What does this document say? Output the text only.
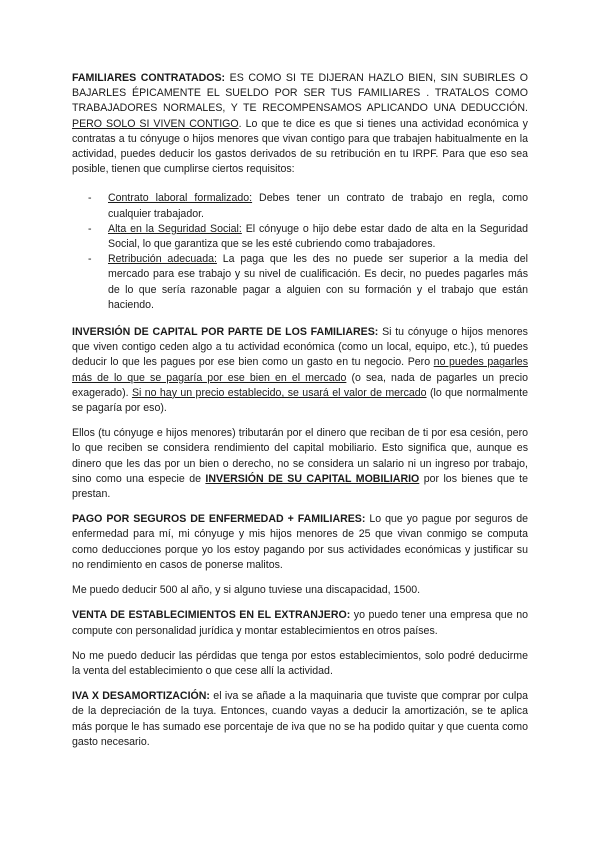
FAMILIARES CONTRATADOS: ES COMO SI TE DIJERAN HAZLO BIEN, SIN SUBIRLES O BAJARLES ÉPICAMENTE EL SUELDO POR SER TUS FAMILIARES . TRATALOS COMO TRABAJADORES NORMALES, Y TE RECOMPENSAMOS APLICANDO UNA DEDUCCIÓN. PERO SOLO SI VIVEN CONTIGO. Lo que te dice es que si tienes una actividad económica y contratas a tu cónyuge o hijos menores que vivan contigo para que trabajen habitualmente en la actividad, puedes deducir los gastos derivados de su retribución en tu IRPF. Para que eso sea posible, tienen que cumplirse ciertos requisitos:

- Contrato laboral formalizado: Debes tener un contrato de trabajo en regla, como cualquier trabajador.
- Alta en la Seguridad Social: El cónyuge o hijo debe estar dado de alta en la Seguridad Social, lo que garantiza que se les esté cubriendo como trabajadores.
- Retribución adecuada: La paga que les des no puede ser superior a la media del mercado para ese trabajo y su nivel de cualificación. Es decir, no puedes pagarles más de lo que sería razonable pagar a alguien con su formación y el trabajo que están haciendo.

INVERSIÓN DE CAPITAL POR PARTE DE LOS FAMILIARES: Si tu cónyuge o hijos menores que viven contigo ceden algo a tu actividad económica (como un local, equipo, etc.), tú puedes deducir lo que les pagues por ese bien como un gasto en tu negocio. Pero no puedes pagarles más de lo que se pagaría por ese bien en el mercado (o sea, nada de pagarles un precio exagerado). Si no hay un precio establecido, se usará el valor de mercado (lo que normalmente se pagaría por eso).

Ellos (tu cónyuge e hijos menores) tributarán por el dinero que reciban de ti por esa cesión, pero lo que reciben se considera rendimiento del capital mobiliario. Esto significa que, aunque es dinero que les das por un bien o derecho, no se considera un salario ni un ingreso por trabajo, sino como una especie de INVERSIÓN DE SU CAPITAL MOBILIARIO por los bienes que te prestan.

PAGO POR SEGUROS DE ENFERMEDAD + FAMILIARES: Lo que yo pague por seguros de enfermedad para mí, mi cónyuge y mis hijos menores de 25 que vivan conmigo se computa como deducciones porque yo los estoy pagando por sus actividades económicas y justificar su no rendimiento en casos de ponerse malitos.

Me puedo deducir 500 al año, y si alguno tuviese una discapacidad, 1500.

VENTA DE ESTABLECIMIENTOS EN EL EXTRANJERO: yo puedo tener una empresa que no compute con personalidad jurídica y montar establecimientos en otros países.

No me puedo deducir las pérdidas que tenga por estos establecimientos, solo podré deducirme la venta del establecimiento o que cese allí la actividad.

IVA X DESAMORTIZACIÓN: el iva se añade a la maquinaria que tuviste que comprar por culpa de la depreciación de la tuya. Entonces, cuando vayas a deducir la amortización, se te aplica más porque le has sumado ese porcentaje de iva que no se ha podido quitar y que cuenta como gasto necesario.
